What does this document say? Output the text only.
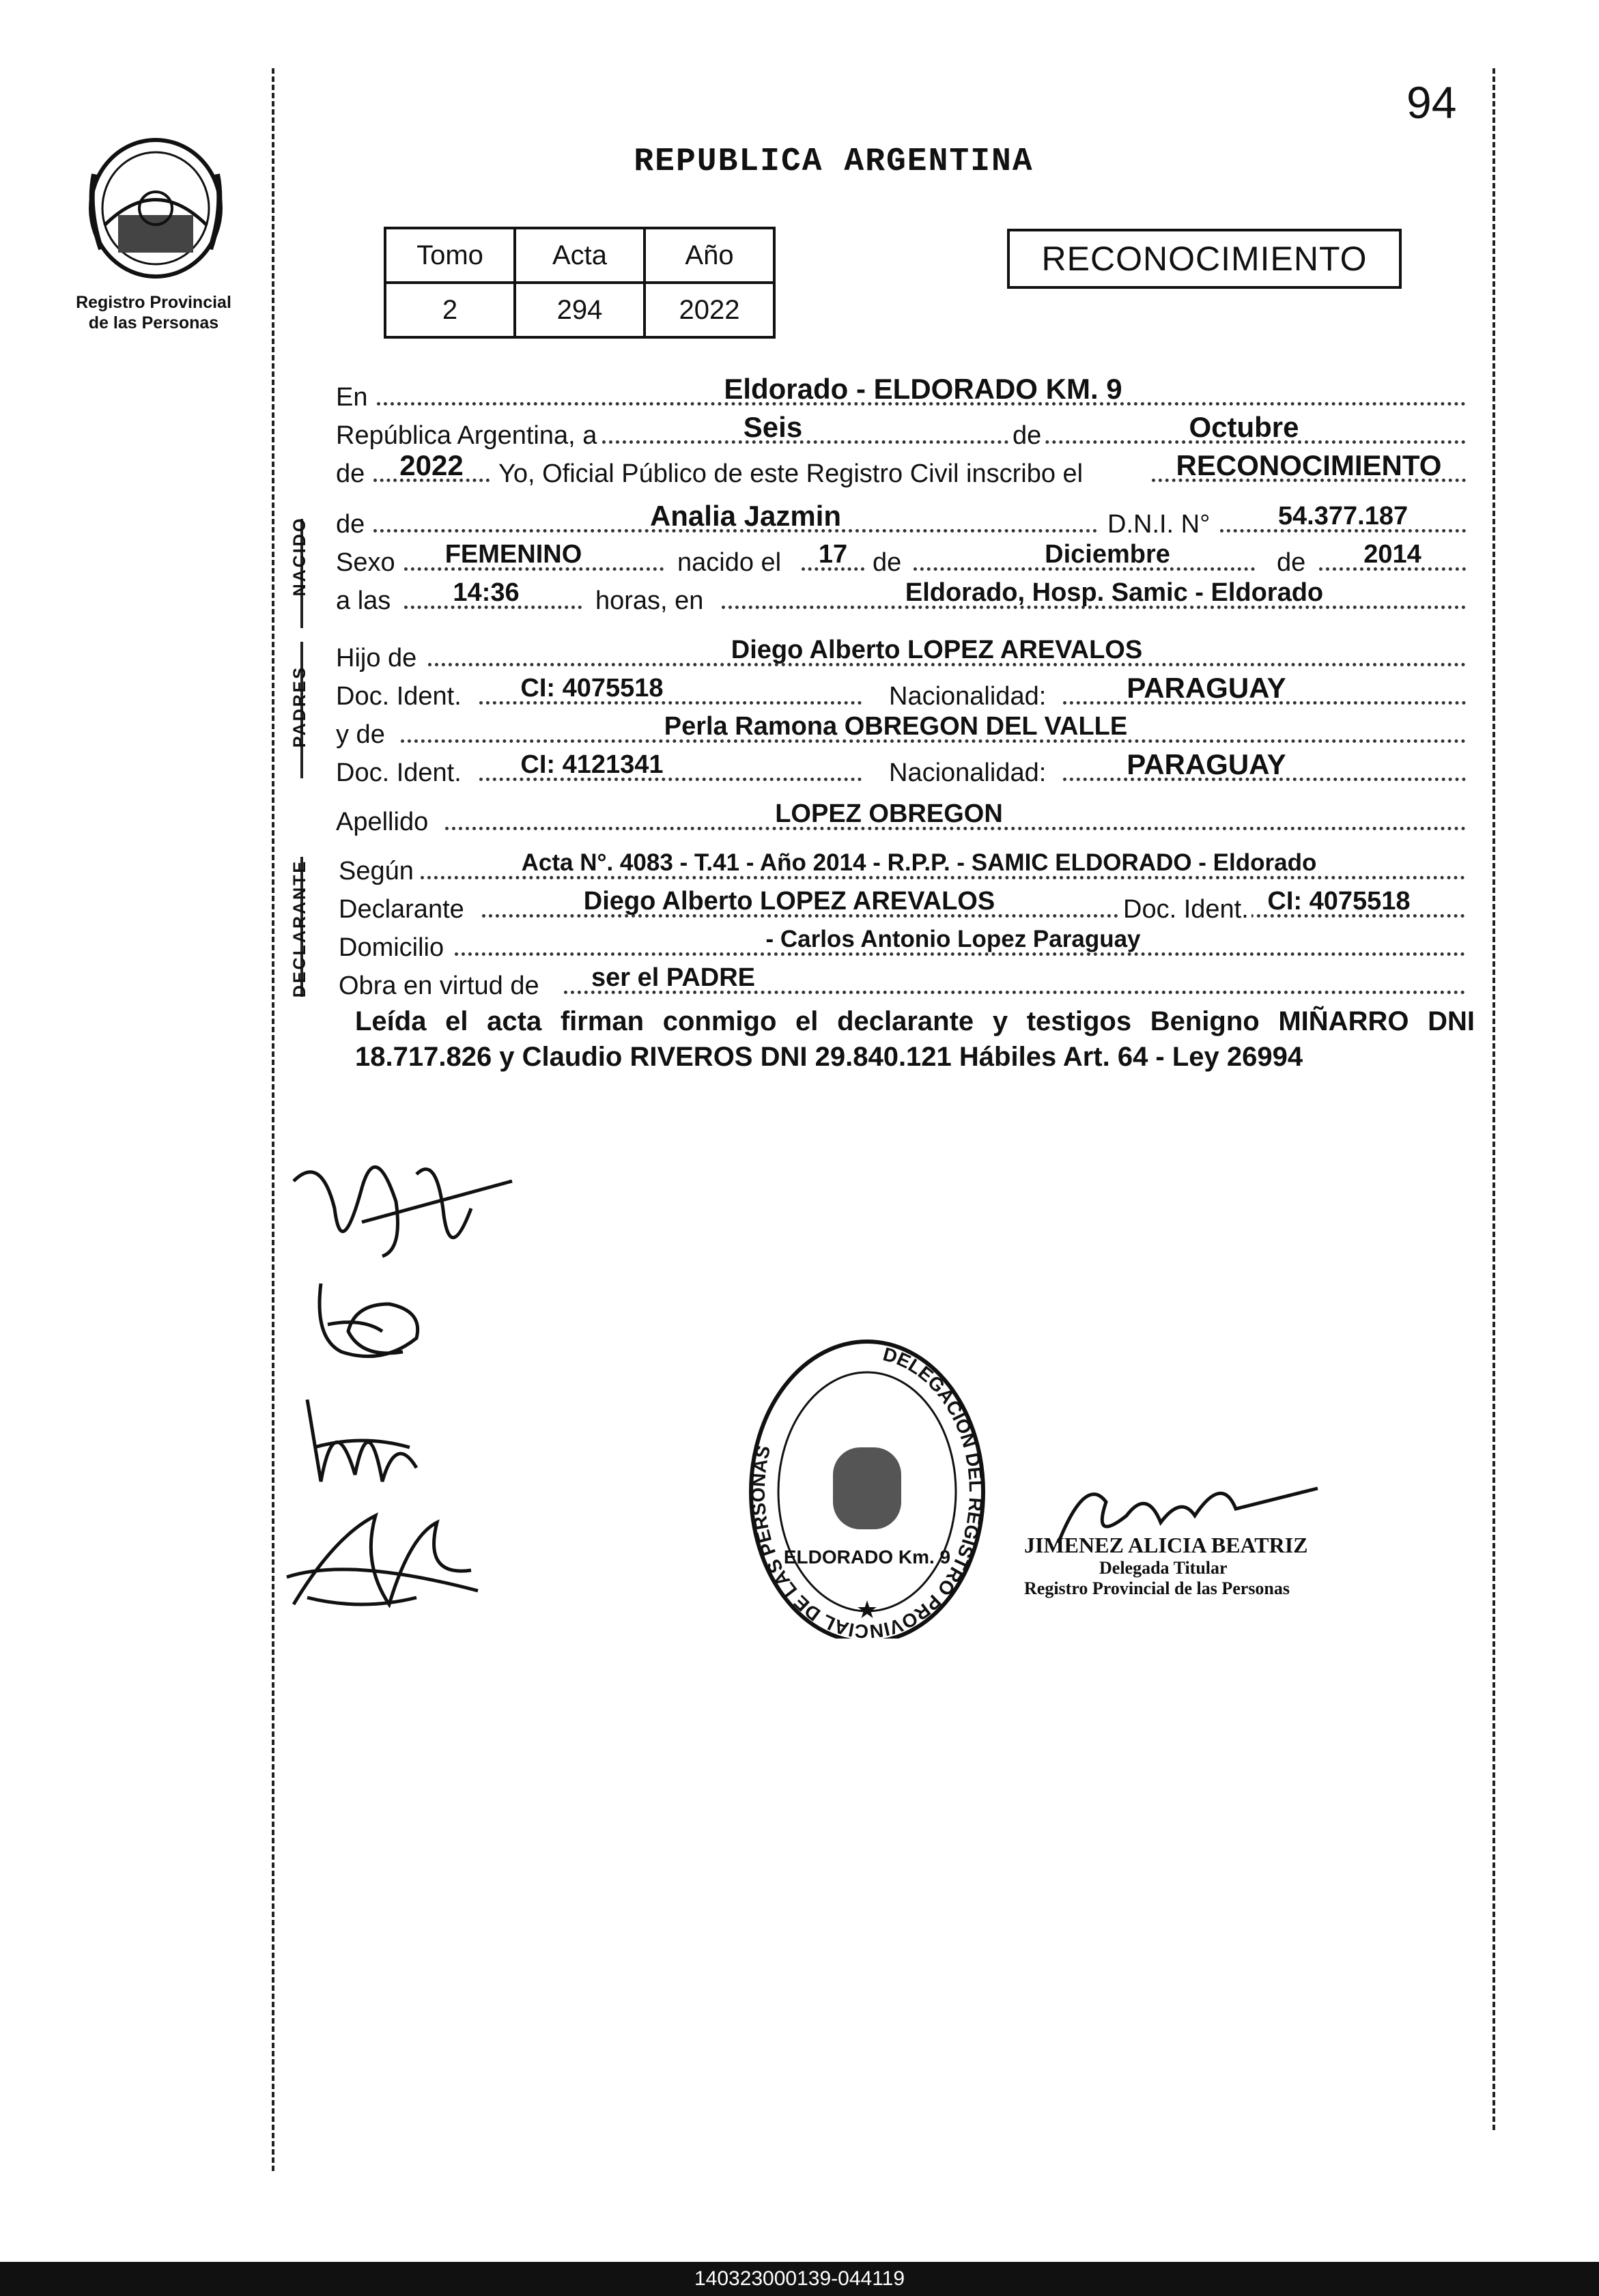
Registro Provincial
de las Personas
94
REPUBLICA ARGENTINA
Tomo	Acta	Año
2	294	2022
RECONOCIMIENTO
En	Eldorado - ELDORADO KM. 9
República Argentina, a	Seis	de	Octubre
de	2022	Yo, Oficial Público de este Registro Civil inscribo el	RECONOCIMIENTO
NACIDO de	Analia Jazmin	D.N.I. N°	54.377.187
Sexo	FEMENINO	nacido el	17 de	Diciembre	de	2014
a las	14:36	horas, en	Eldorado, Hosp. Samic - Eldorado
PADRES
Hijo de	Diego Alberto LOPEZ AREVALOS
Doc. Ident.	CI: 4075518	Nacionalidad:	PARAGUAY
y de	Perla Ramona OBREGON DEL VALLE
Doc. Ident.	CI: 4121341	Nacionalidad:	PARAGUAY
Apellido	LOPEZ OBREGON
DECLARANTE Según	Acta N°. 4083 - T.41 - Año 2014 - R.P.P. - SAMIC ELDORADO - Eldorado
Declarante	Diego Alberto LOPEZ AREVALOS	Doc. Ident. CI: 4075518
Domicilio	- Carlos Antonio Lopez Paraguay
Obra en virtud de	ser el PADRE
Leída el acta firman conmigo el declarante y testigos Benigno MIÑARRO DNI
18.717.826 y Claudio RIVEROS DNI 29.840.121 Hábiles Art. 64 - Ley 26994
DELEGACION DEL REGISTRO PROVINCIAL DE LAS PERSONAS
ELDORADO Km. 9
★
JIMENEZ ALICIA BEATRIZ
Delegada Titular
Registro Provincial de las Personas
140323000139-044119
